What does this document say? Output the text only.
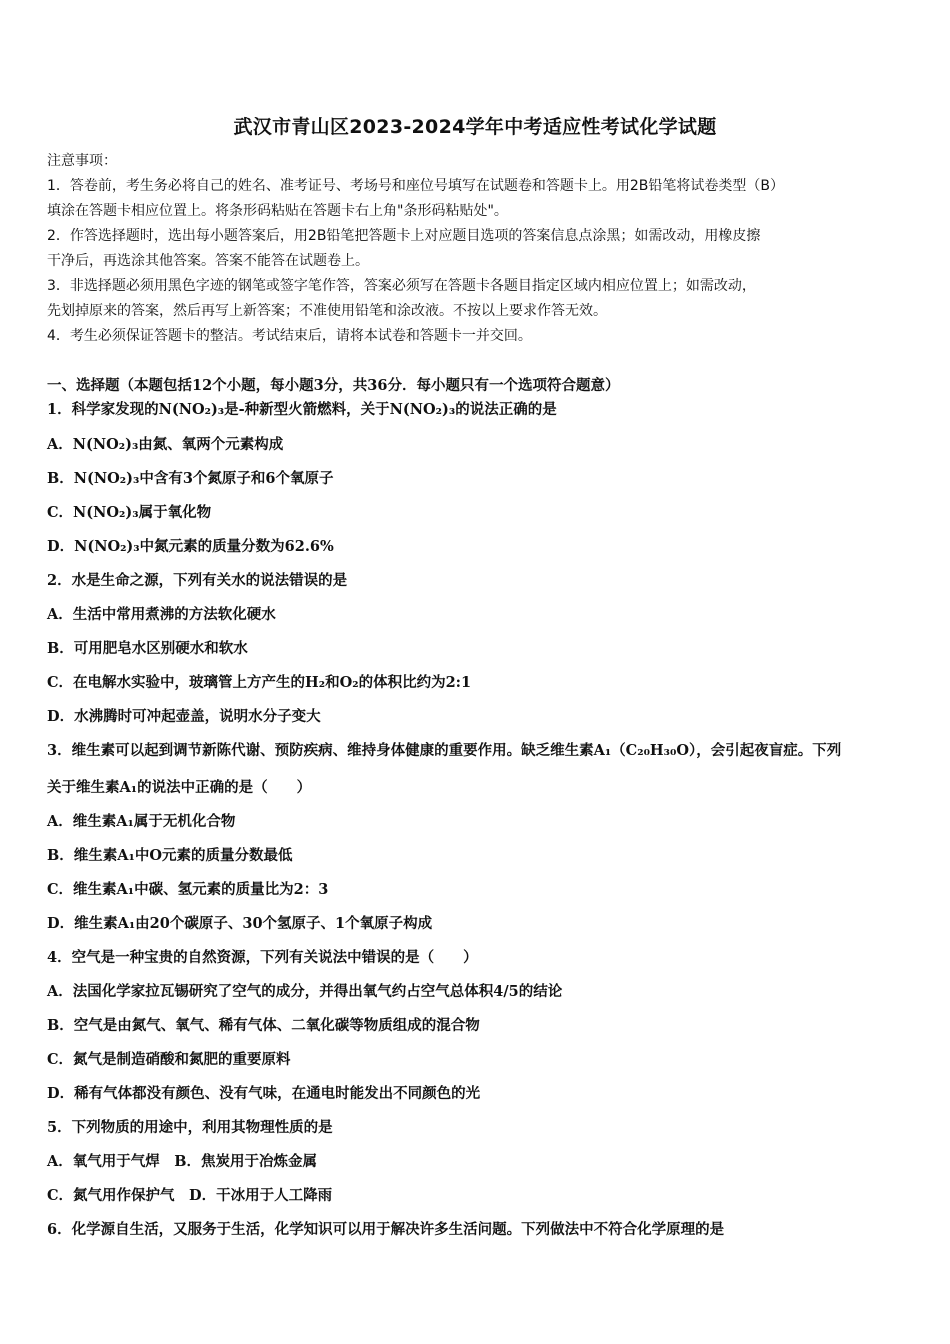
武汉市青山区2023-2024学年中考适应性考试化学试题
注意事项：
1．答卷前，考生务必将自己的姓名、准考证号、考场号和座位号填写在试题卷和答题卡上。用2B铅笔将试卷类型（B）
填涂在答题卡相应位置上。将条形码粘贴在答题卡右上角"条形码粘贴处"。
2．作答选择题时，选出每小题答案后，用2B铅笔把答题卡上对应题目选项的答案信息点涂黑；如需改动，用橡皮擦
干净后，再选涂其他答案。答案不能答在试题卷上。
3．非选择题必须用黑色字迹的钢笔或签字笔作答，答案必须写在答题卡各题目指定区域内相应位置上；如需改动，
先划掉原来的答案，然后再写上新答案；不准使用铅笔和涂改液。不按以上要求作答无效。
4．考生必须保证答题卡的整洁。考试结束后，请将本试卷和答题卡一并交回。
一、选择题（本题包括12个小题，每小题3分，共36分．每小题只有一个选项符合题意）
1．科学家发现的N(NO₂)₃是-种新型火箭燃料，关于N(NO₂)₃的说法正确的是
A．N(NO₂)₃由氮、氧两个元素构成
B．N(NO₂)₃中含有3个氮原子和6个氧原子
C．N(NO₂)₃属于氧化物
D．N(NO₂)₃中氮元素的质量分数为62.6%
2．水是生命之源，下列有关水的说法错误的是
A．生活中常用煮沸的方法软化硬水
B．可用肥皂水区别硬水和软水
C．在电解水实验中，玻璃管上方产生的H₂和O₂的体积比约为2:1
D．水沸腾时可冲起壶盖，说明水分子变大
3．维生素可以起到调节新陈代谢、预防疾病、维持身体健康的重要作用。缺乏维生素A₁（C₂₀H₃₀O），会引起夜盲症。下列
关于维生素A₁的说法中正确的是（　　）
A．维生素A₁属于无机化合物
B．维生素A₁中O元素的质量分数最低
C．维生素A₁中碳、氢元素的质量比为2：3
D．维生素A₁由20个碳原子、30个氢原子、1个氧原子构成
4．空气是一种宝贵的自然资源，下列有关说法中错误的是（　　）
A．法国化学家拉瓦锡研究了空气的成分，并得出氧气约占空气总体积4/5的结论
B．空气是由氮气、氧气、稀有气体、二氧化碳等物质组成的混合物
C．氮气是制造硝酸和氮肥的重要原料
D．稀有气体都没有颜色、没有气味，在通电时能发出不同颜色的光
5．下列物质的用途中，利用其物理性质的是
A．氧气用于气焊　B．焦炭用于冶炼金属
C．氮气用作保护气　D．干冰用于人工降雨
6．化学源自生活，又服务于生活，化学知识可以用于解决许多生活问题。下列做法中不符合化学原理的是
